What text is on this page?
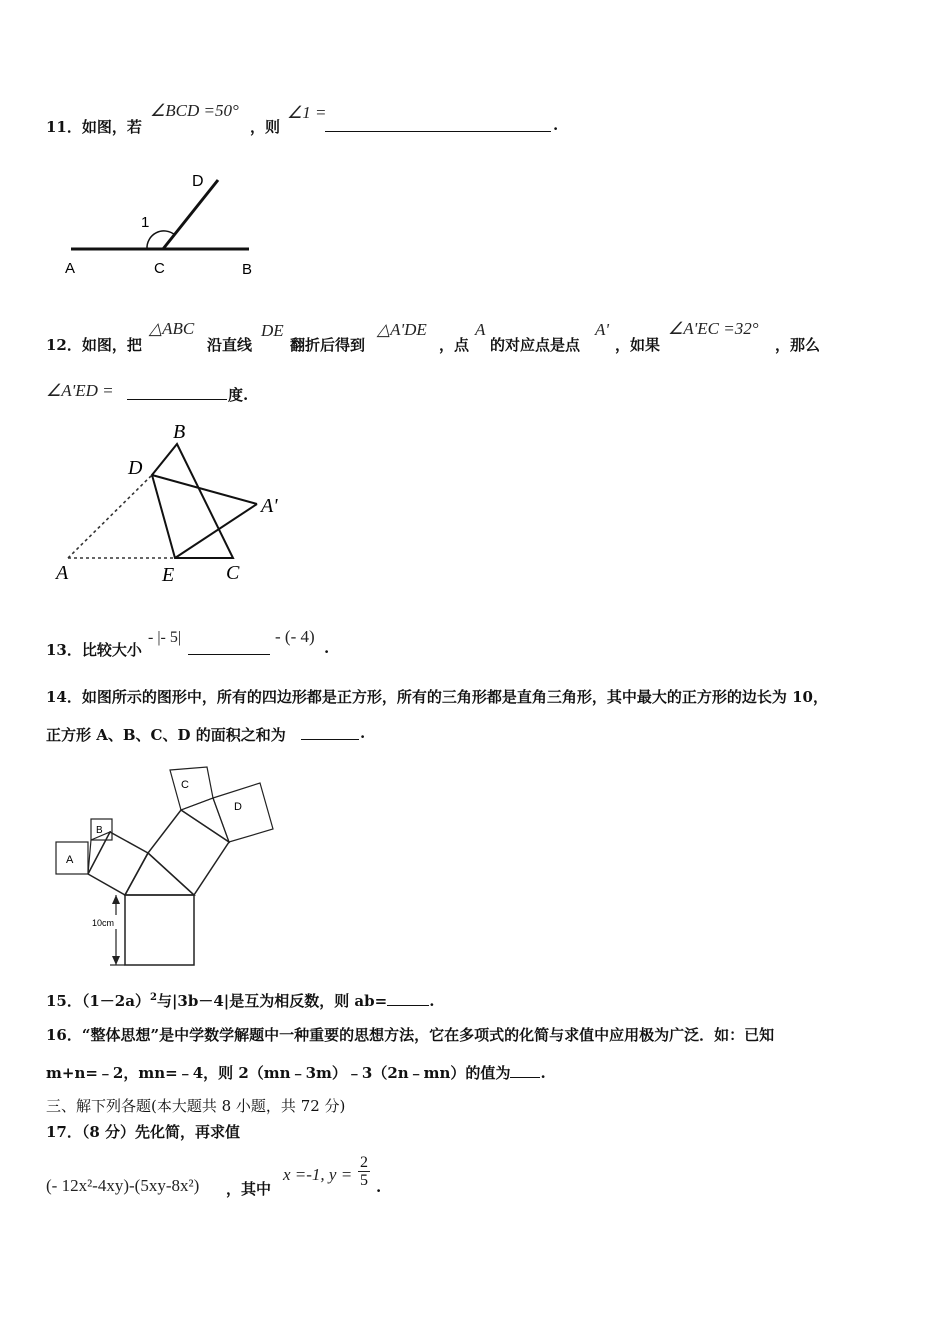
11．如图，若
∠BCD =50°
，则
∠1 =
.
D
1
A	C	B
12．如图，把
△ABC
沿直线
DE
翻折后得到
△A'DE
，点
A
的对应点是点
A'
，如果
∠A'EC =32°
，那么
∠A'ED =	度.
B
D
A'
A	E	C
13．比较大小
- |- 5|	- (- 4)
.
14．如图所示的图形中，所有的四边形都是正方形，所有的三角形都是直角三角形，其中最大的正方形的边长为 10，
正方形 A、B、C、D 的面积之和为	.
A
B
C
D
10cm
15．$(1-2a)^2$与|3b－4|是互为相反数，则 ab=	.
16．“整体思想”是中学数学解题中一种重要的思想方法，它在多项式的化简与求值中应用极为广泛．如：已知
m+n=﹣2，mn=﹣4，则 2（mn﹣3m）﹣3（2n﹣mn）的值为 .
三、解下列各题(本大题共 8 小题，共 72 分)
17．（8 分）先化简，再求值
(- 12x²-4xy)-(5xy-8x²) ，其中
x =-1, $y = \frac{2}{5}$ .
